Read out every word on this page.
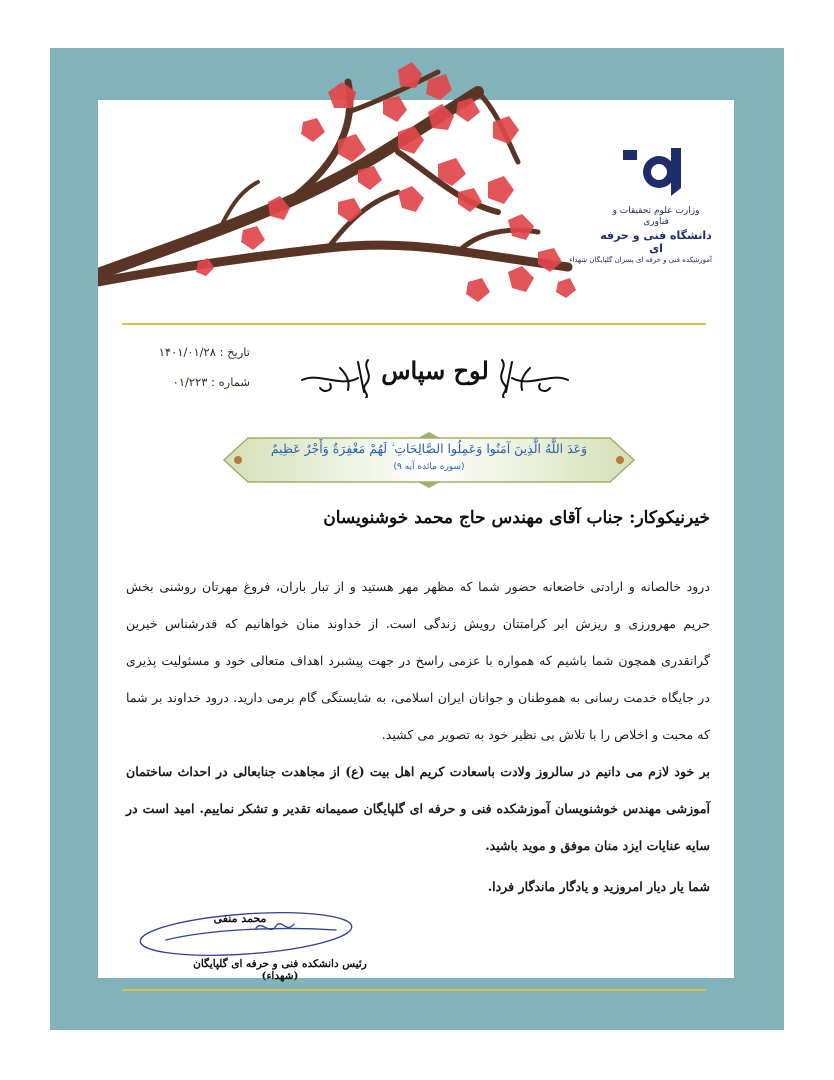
وزارت علوم تحقیقات و فناوری
دانشگاه فنی و حرفه ای
آموزشکده فنی و حرفه ای پسران گلپایگان شهداء
تاریخ : ۱۴۰۱/۰۱/۲۸
شماره : ۰۱/۲۲۳	لوح سپاس
وَعَدَ اللَّهُ الَّذِينَ آمَنُوا وَعَمِلُوا الصَّالِحَاتِ ۙ لَهُمْ مَغْفِرَةٌ وَأَجْرٌ عَظِيمٌ
(سوره مائده آیه ۹)
خیرنیکوکار: جناب آقای مهندس حاج محمد خوشنویسان

درود خالصانه و ارادتی خاضعانه حضور شما که مظهر مهر هستید و از تبار باران، فروغ مهرتان روشنی بخش حریم مهرورزی و ریزش ابر کرامتتان رویش زندگی است. از خداوند منان خواهانیم که قدرشناس خیرین گرانقدری همچون شما باشیم که همواره با عزمی راسخ در جهت پیشبرد اهداف متعالی خود و مسئولیت پذیری در جایگاه خدمت رسانی به هموطنان و جوانان ایران اسلامی، به شایستگی گام برمی دارید. درود خداوند بر شما که محبت و اخلاص را با تلاش بی نظیر خود به تصویر می کشید.

بر خود لازم می دانیم در سالروز ولادت باسعادت کریم اهل بیت (ع) از مجاهدت جنابعالی در احداث ساختمان آموزشی مهندس خوشنویسان آموزشکده فنی و حرفه ای گلپایگان صمیمانه تقدیر و تشکر نماییم. امید است در سایه عنایات ایزد منان موفق و موید باشید.

شما یار دیار امروزید و یادگار ماندگار فردا.

محمد منفی
رئیس دانشکده فنی و حرفه ای گلپایگان (شهداء)
